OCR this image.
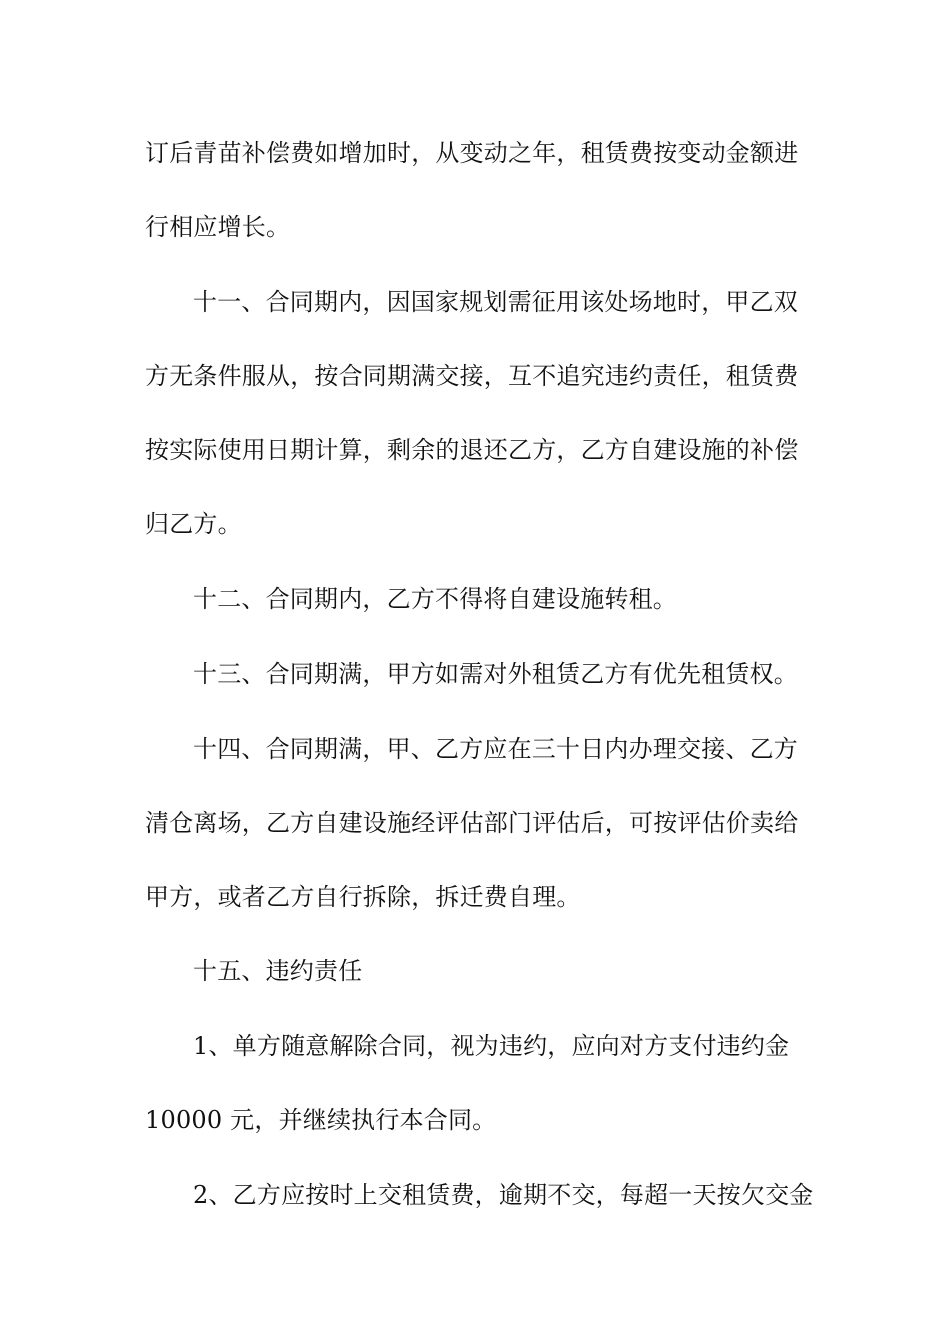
订后青苗补偿费如增加时，从变动之年，租赁费按变动金额进

行相应增长。

十一、合同期内，因国家规划需征用该处场地时，甲乙双

方无条件服从，按合同期满交接，互不追究违约责任，租赁费

按实际使用日期计算，剩余的退还乙方，乙方自建设施的补偿

归乙方。

十二、合同期内，乙方不得将自建设施转租。

十三、合同期满，甲方如需对外租赁乙方有优先租赁权。

十四、合同期满，甲、乙方应在三十日内办理交接、乙方

清仓离场，乙方自建设施经评估部门评估后，可按评估价卖给

甲方，或者乙方自行拆除，拆迁费自理。

十五、违约责任

1、单方随意解除合同，视为违约，应向对方支付违约金

10000 元，并继续执行本合同。

2、乙方应按时上交租赁费，逾期不交，每超一天按欠交金
